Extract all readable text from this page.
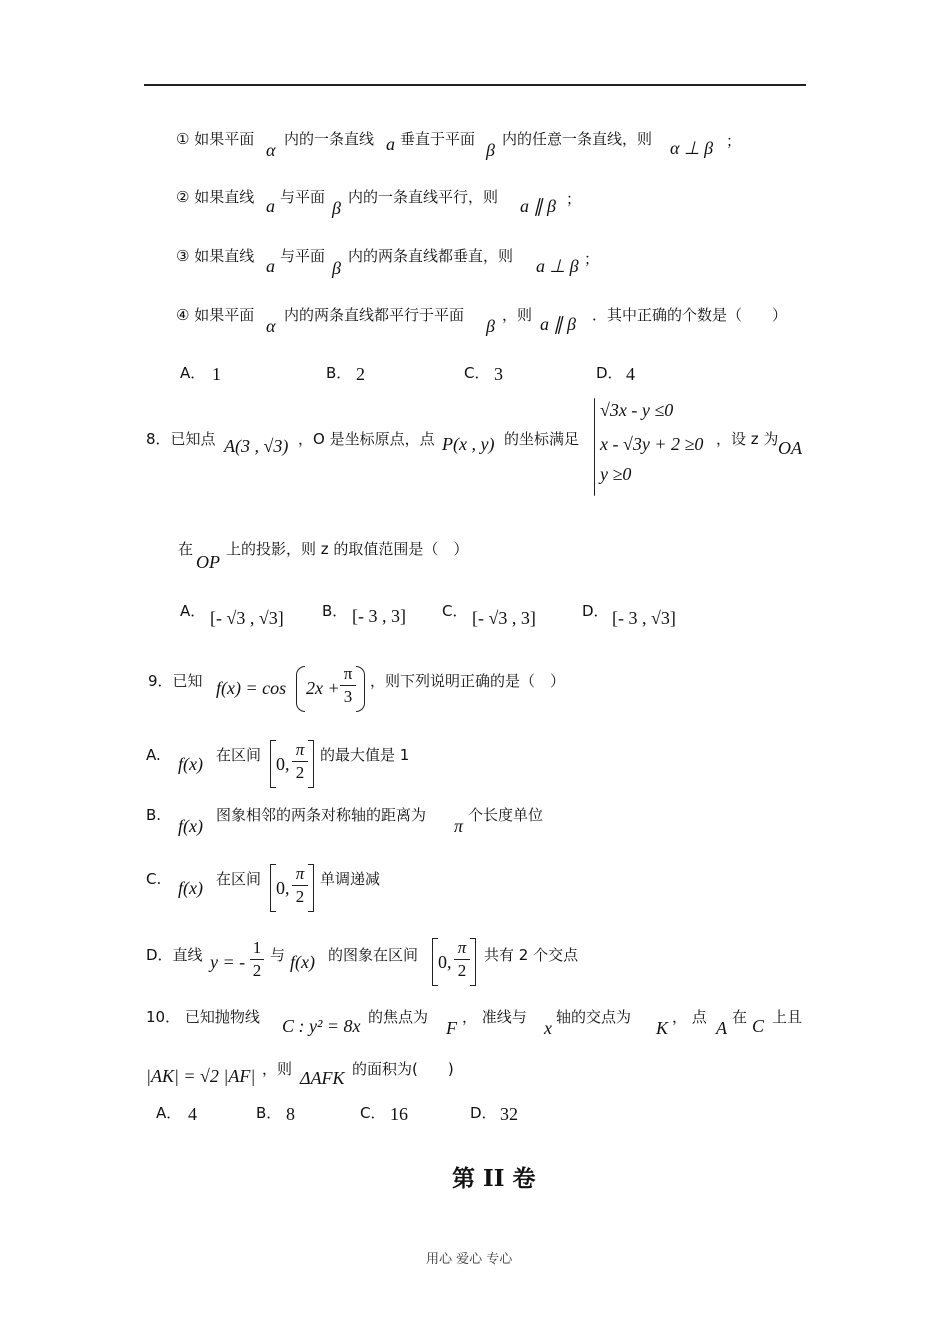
① 如果平面
α
内的一条直线 a 垂直于平面
β
内的任意一条直线，则 α ⊥ β ；
② 如果直线 a 与平面
β
内的一条直线平行，则 a ∥ β ；
③ 如果直线 a 与平面
β
内的两条直线都垂直，则 a ⊥ β ；
④ 如果平面
α
内的两条直线都平行于平面
β
，则 a ∥ β ．其中正确的个数是（　　）
A． 1	B． 2	C． 3	D． 4
8．已知点 A(3 , √3) ，O 是坐标原点，点 P(x , y) 的坐标满足
√3x - y ≤0
x - √3y + 2 ≥0
y ≥0
，设 z 为 OA
在
OP
上的投影，则 z 的取值范围是（　）
A． [- √3 , √3]	B． [- 3 , 3] C． [- √3 , 3]	D． [- 3 , √3]
9．已知 f(x) = cos 2x +
π
3
，则下列说明正确的是（　）
A. f(x) 在区间 0,
π
2
的最大值是 1
B.
f(x)
图象相邻的两条对称轴的距离为
π
个长度单位
C. f(x) 在区间 0,
π
2
单调递减
D．直线 y = -
1
2
与 f(x) 的图象在区间 0,
π
2
共有 2 个交点
10． 已知抛物线 C : y² = 8x 的焦点为
F
， 准线与
x
轴的交点为
K
， 点
A
在 C 上且
|AK| = √2 |AF| ，则 ΔAFK 的面积为(　　)
A． 4	B． 8	C． 16	D． 32
第 II 卷
用心 爱心 专心
